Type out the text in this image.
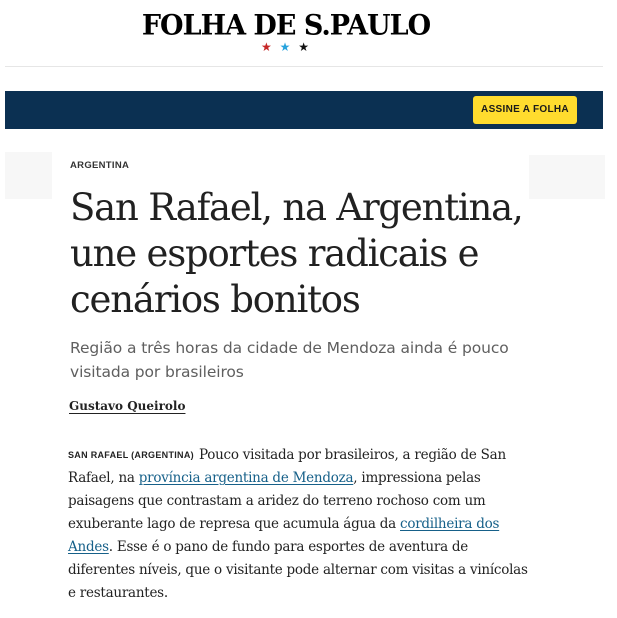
FOLHA DE S.PAULO
★ ★ ★
ASSINE A FOLHA
ARGENTINA
San Rafael, na Argentina, une esportes radicais e cenários bonitos

Região a três horas da cidade de Mendoza ainda é pouco visitada por brasileiros

Gustavo Queirolo

SAN RAFAEL (ARGENTINA) Pouco visitada por brasileiros, a região de San Rafael, na província argentina de Mendoza, impressiona pelas paisagens que contrastam a aridez do terreno rochoso com um exuberante lago de represa que acumula água da cordilheira dos Andes. Esse é o pano de fundo para esportes de aventura de diferentes níveis, que o visitante pode alternar com visitas a vinícolas e restaurantes.
